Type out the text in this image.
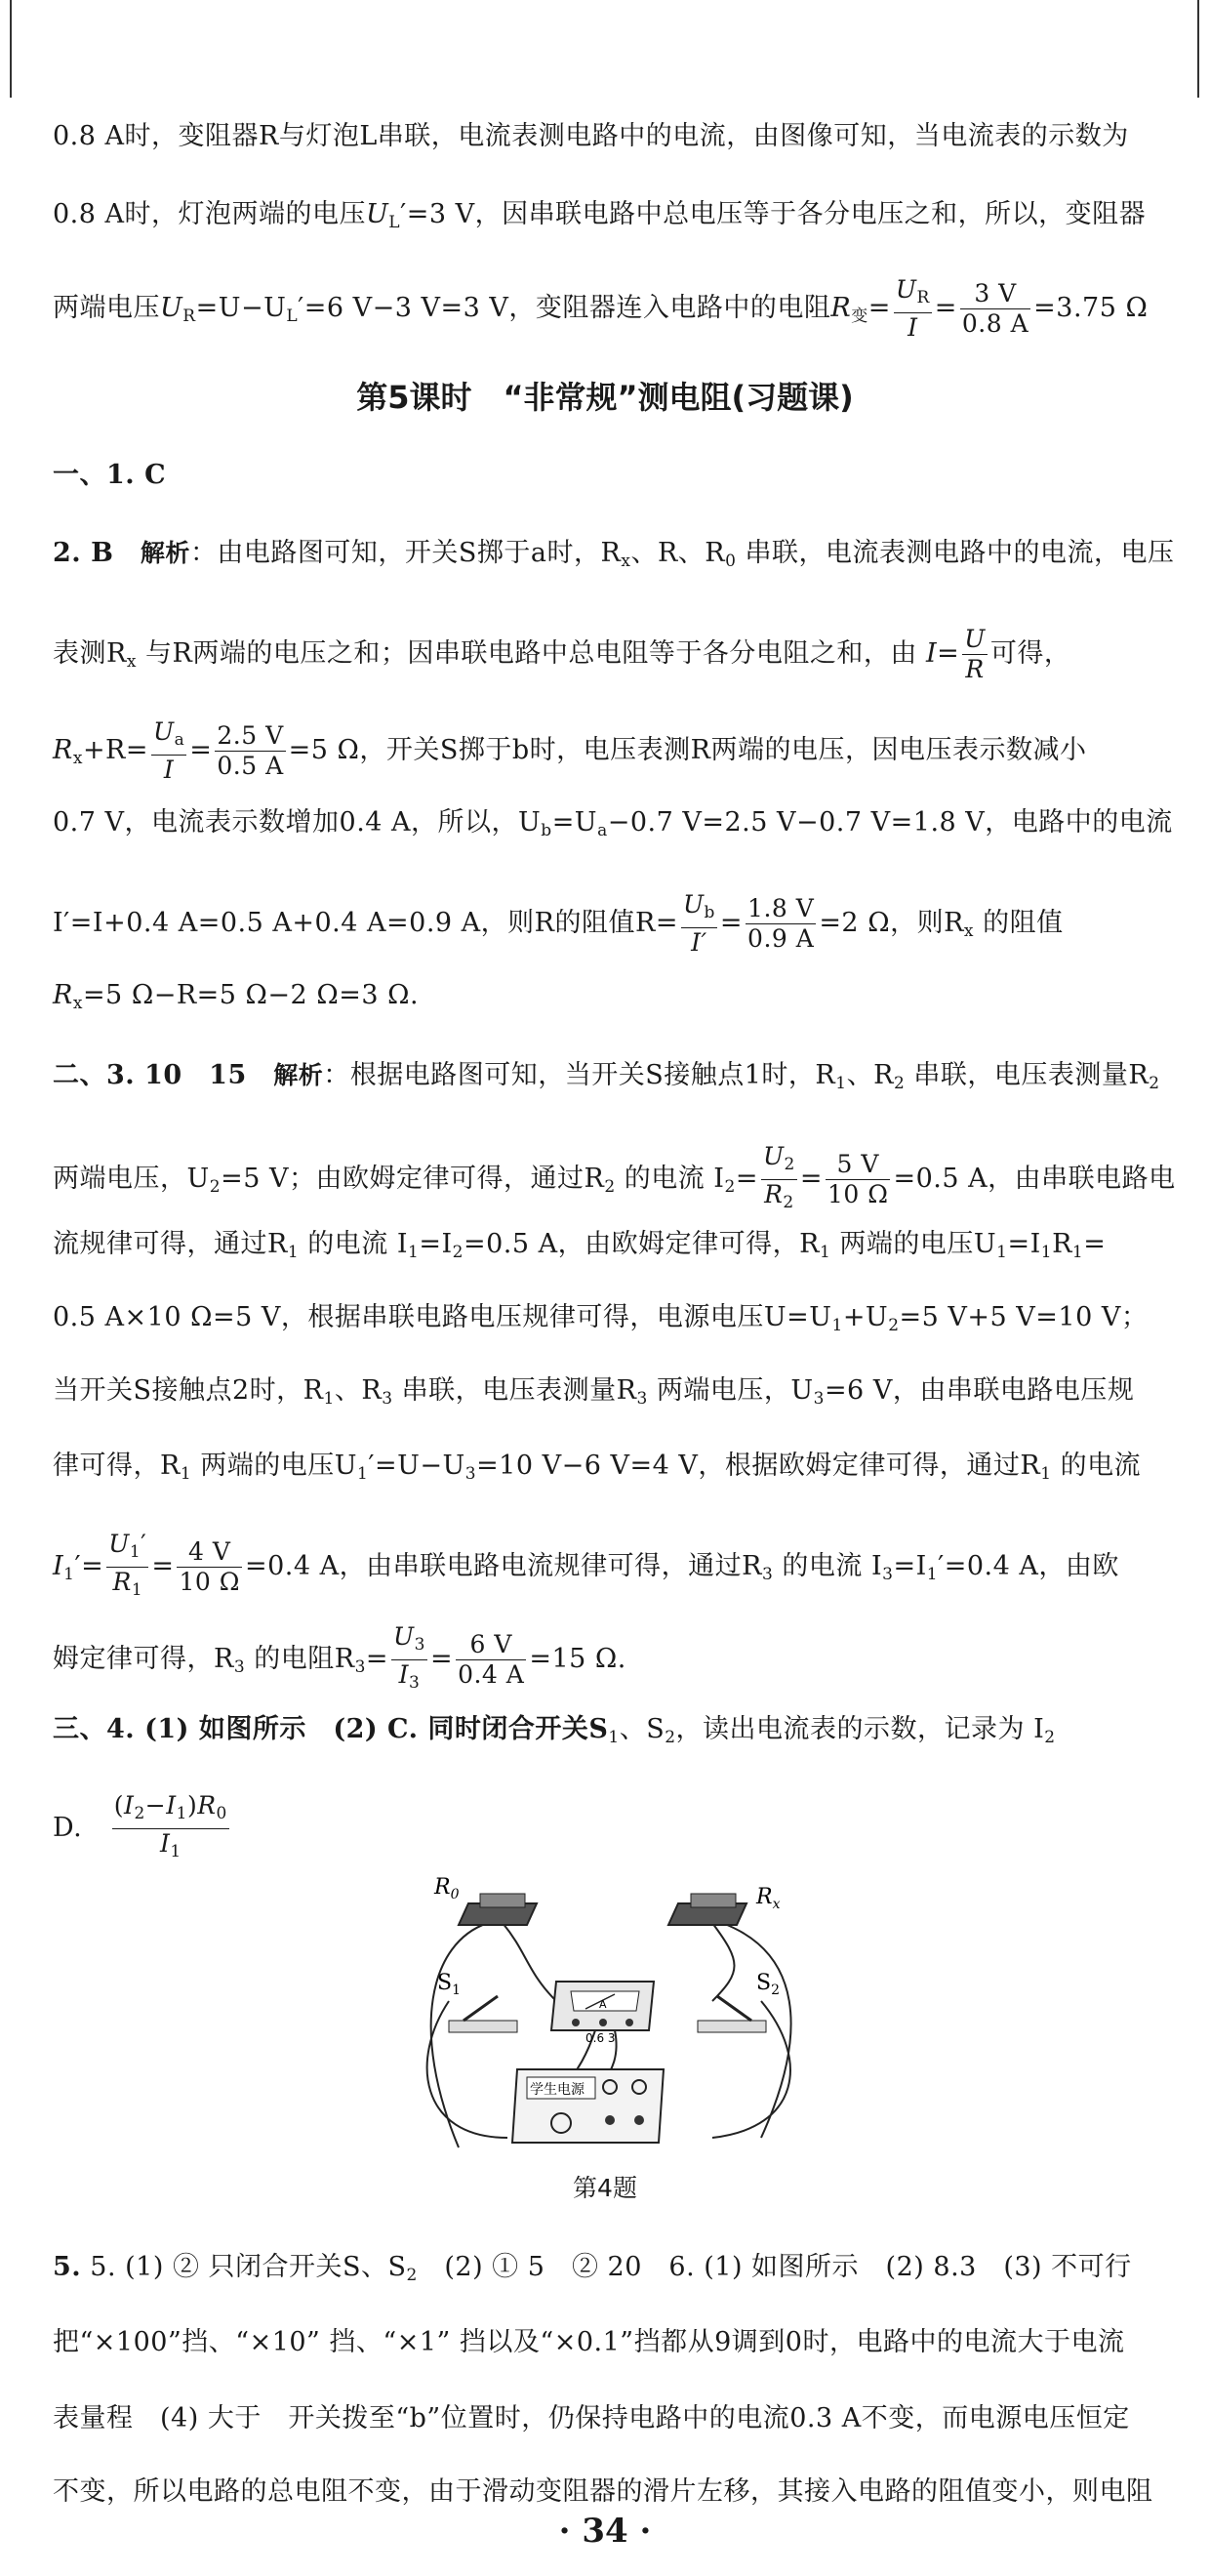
0.8 A时，变阻器R与灯泡L串联，电流表测电路中的电流，由图像可知，当电流表的示数为
0.8 A时，灯泡两端的电压$U_L'=3$ V，因串联电路中总电压等于各分电压之和，所以，变阻器
两端电压$U_R=U-U_L'=6$ V−3 V=3 V，变阻器连入电路中的电阻$R_变= \frac{U_R}{I} = \frac{3 V}{0.8 A} =3.75$ Ω
第5课时　“非常规”测电阻(习题课)
一、1. C
2. B　 解析：由电路图可知，开关S掷于a时，$R_x$、R、$R_0$ 串联，电流表测电路中的电流，电压
表测$R_x$ 与R两端的电压之和；因串联电路中总电阻等于各分电阻之和，由 $I= \frac{U}{R}$ 可得，
$R_x+R= \frac{U_a}{I} = \frac{2.5 V}{0.5 A} =5$ Ω，开关S掷于b时，电压表测R两端的电压，因电压表示数减小
0.7 V，电流表示数增加0.4 A，所以，$U_b=U_a-0.7$ V=2.5 V−0.7 V=1.8 V，电路中的电流
I′=I+0.4 A=0.5 A+0.4 A=0.9 A，则R的阻值$R= \frac{U_b}{I'} = \frac{1.8 V}{0.9 A} =2$ Ω，则$R_x$ 的阻值
$R_x=5$ Ω−R=5 Ω−2 Ω=3 Ω.
二、3. 10　15　 解析：根据电路图可知，当开关S接触点1时，$R_1$、$R_2$ 串联，电压表测量$R_2$
两端电压，$U_2=5$ V；由欧姆定律可得，通过$R_2$ 的电流 $I_2= \frac{U_2}{R_2} = \frac{5 V}{10 \Omega} =0.5$ A，由串联电路电
流规律可得，通过$R_1$ 的电流 $I_1=I_2=0.5$ A，由欧姆定律可得，$R_1$ 两端的电压$U_1=I_1R_1=$
0.5 A×10 Ω=5 V，根据串联电路电压规律可得，电源电压$U=U_1+U_2=5$ V+5 V=10 V；
当开关S接触点2时，$R_1$、$R_3$ 串联，电压表测量$R_3$ 两端电压，$U_3=6$ V，由串联电路电压规
律可得，$R_1$ 两端的电压$U_1'=U-U_3=10$ V−6 V=4 V，根据欧姆定律可得，通过$R_1$ 的电流
$I_1'= \frac{U_1'}{R_1} = \frac{4 V}{10 \Omega} =0.4$ A，由串联电路电流规律可得，通过$R_3$ 的电流 $I_3=I_1'=0.4$ A，由欧
姆定律可得，$R_3$ 的电阻$R_3= \frac{U_3}{I_3} = \frac{6 V}{0.4 A} =15$ Ω.
三、4. (1) 如图所示　(2) C. 同时闭合开关$S_1$、$S_2$，读出电流表的示数，记录为 $I_2$
D.　 $\frac{(I_2-I_1)R_0}{I_1}$
$R_0$	$R_x$
$S_1$	$S_2$
学生电源
A
0.6 3
第4题
5. 5. (1) ② 只闭合开关S、$S_2$　(2) ① 5　② 20　 6. (1) 如图所示　(2) 8.3　(3) 不可行
把“×100”挡、“×10” 挡、“×1” 挡以及“×0.1”挡都从9调到0时，电路中的电流大于电流
表量程　(4) 大于　开关拨至“b”位置时，仍保持电路中的电流0.3 A不变，而电源电压恒定
不变，所以电路的总电阻不变，由于滑动变阻器的滑片左移，其接入电路的阻值变小，则电阻
· 34 ·
